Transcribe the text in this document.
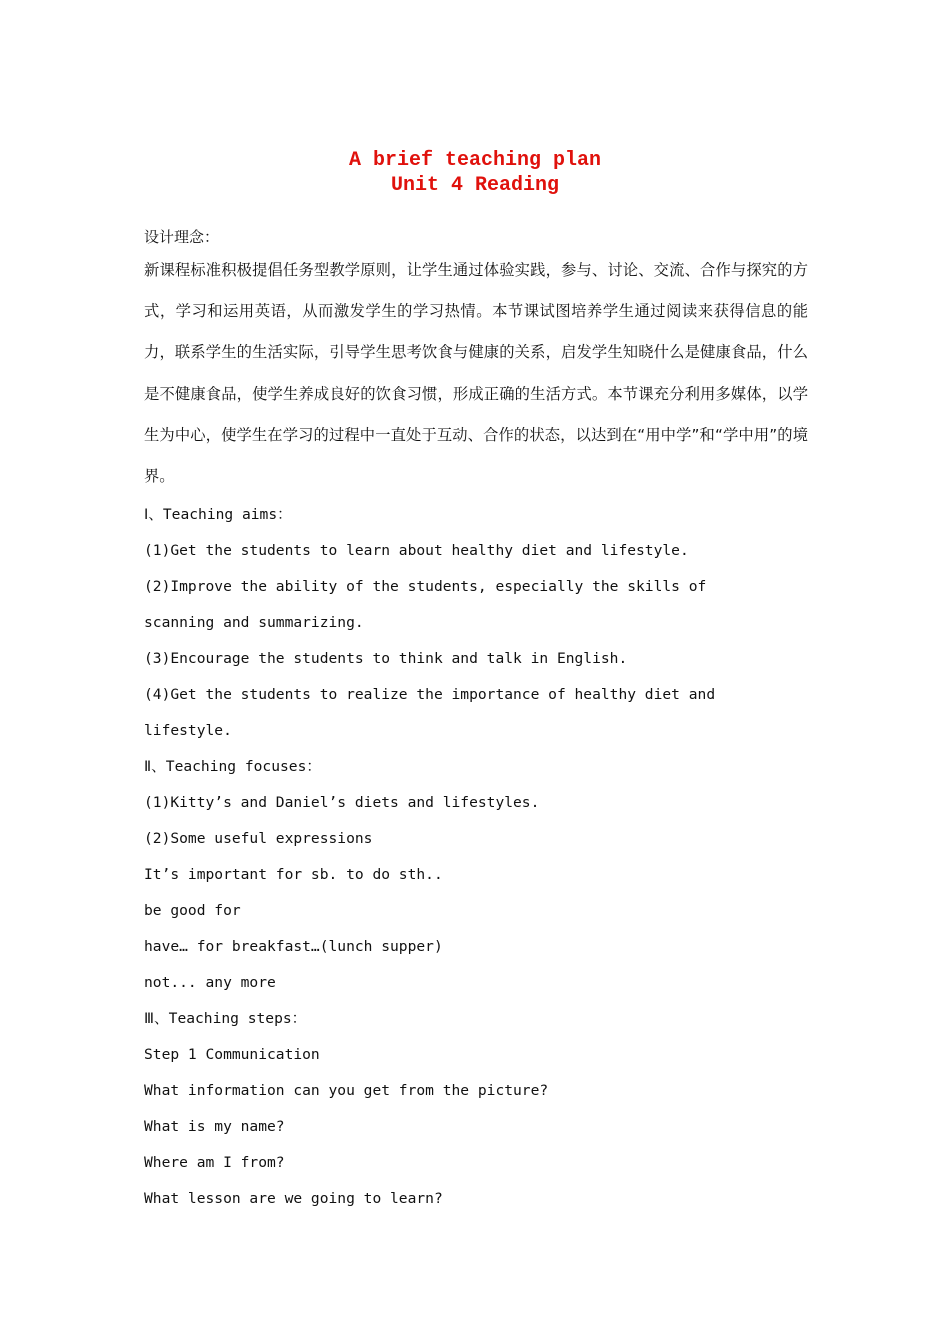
A brief teaching plan
Unit 4 Reading
设计理念：

新课程标准积极提倡任务型教学原则，让学生通过体验实践，参与、讨论、交流、合作与探究的方式，学习和运用英语，从而激发学生的学习热情。本节课试图培养学生通过阅读来获得信息的能力，联系学生的生活实际，引导学生思考饮食与健康的关系，启发学生知晓什么是健康食品，什么是不健康食品，使学生养成良好的饮食习惯，形成正确的生活方式。本节课充分利用多媒体，以学生为中心，使学生在学习的过程中一直处于互动、合作的状态，以达到在“用中学”和“学中用”的境界。

Ⅰ、Teaching aims：
(1)Get the students to learn about healthy diet and lifestyle.
(2)Improve the ability of the students, especially the skills of
scanning and summarizing.
(3)Encourage the students to think and talk in English.
(4)Get the students to realize the importance of healthy diet and
lifestyle.
Ⅱ、Teaching focuses：
(1)Kitty’s and Daniel’s diets and lifestyles.
(2)Some useful expressions
It’s important for sb. to do sth..
be good for
have… for breakfast…(lunch supper)
not... any more
Ⅲ、Teaching steps：
Step 1 Communication
What information can you get from the picture?
What is my name?
Where am I from?
What lesson are we going to learn?
